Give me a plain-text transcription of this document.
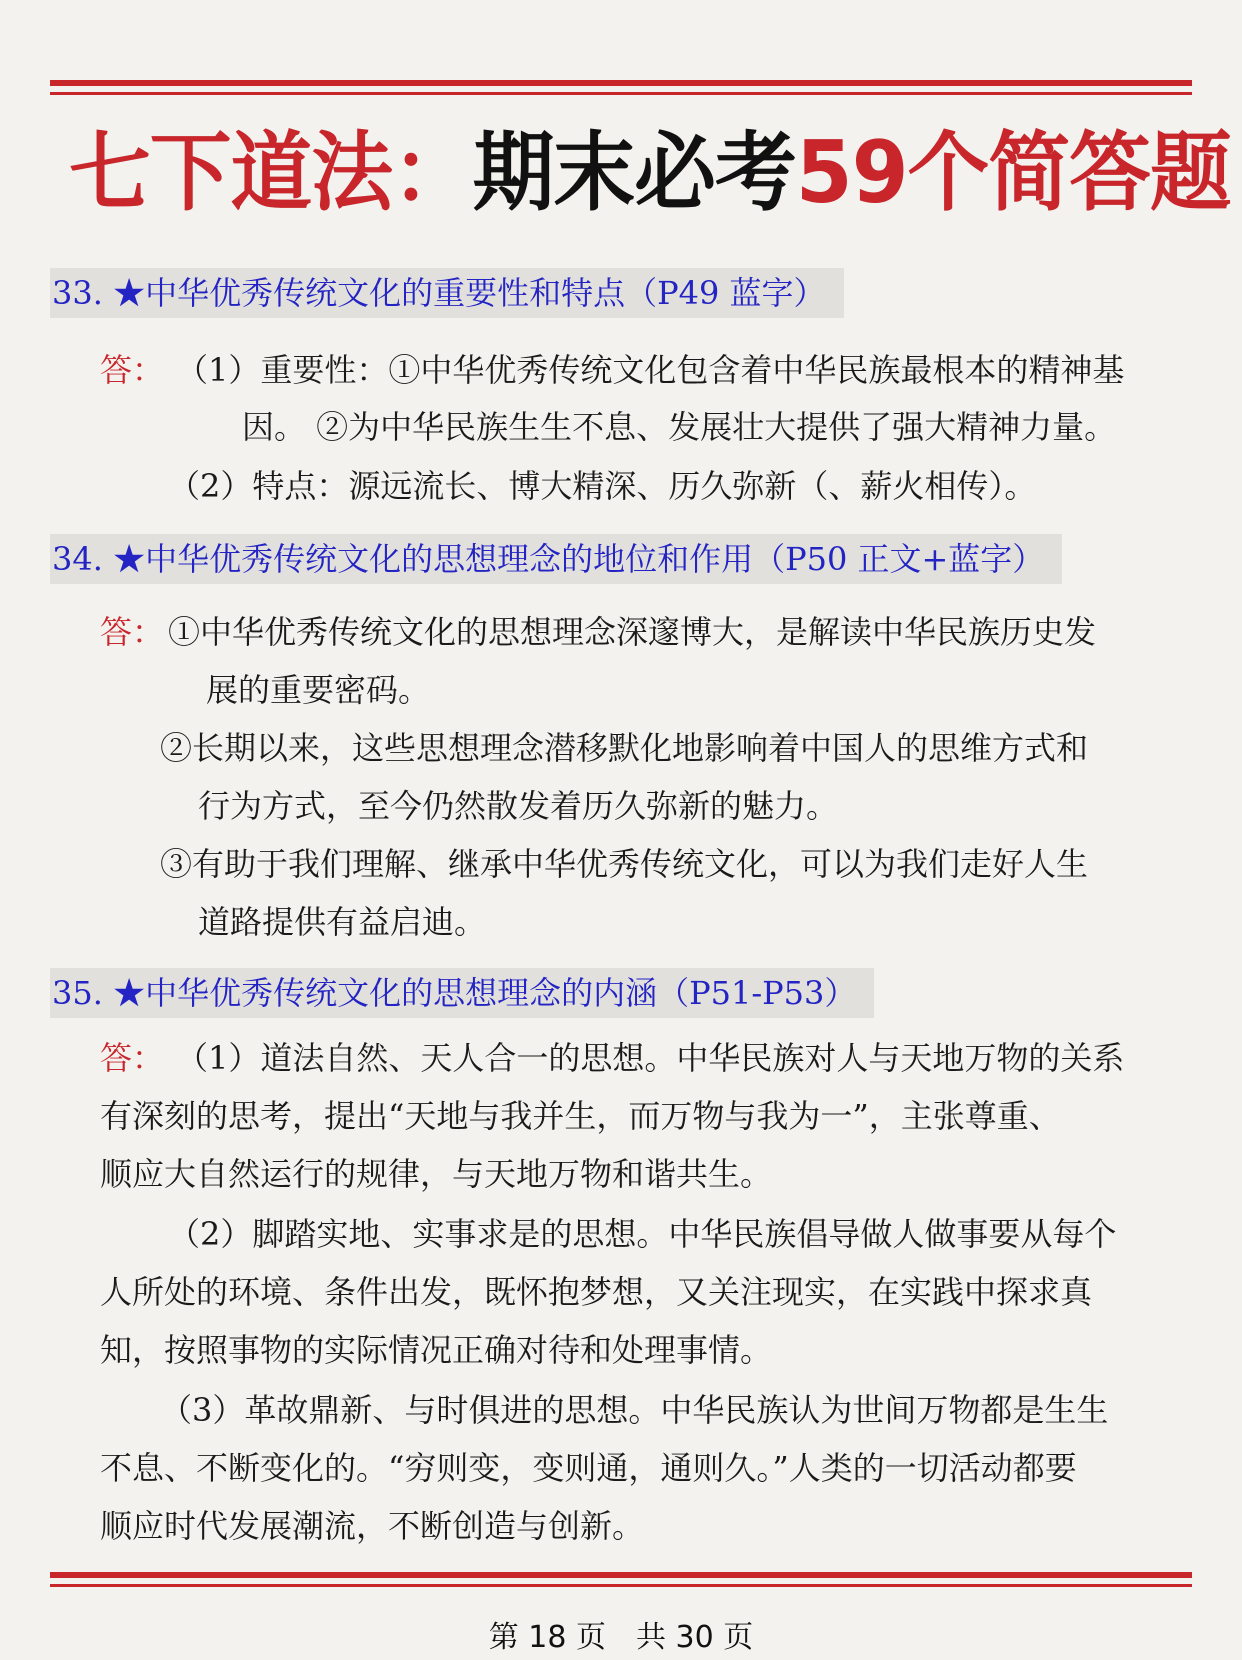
七下道法：期末必考59个简答题
33. ★中华优秀传统文化的重要性和特点（P49 蓝字）
答： （1）重要性：①中华优秀传统文化包含着中华民族最根本的精神基
因。 ②为中华民族生生不息、发展壮大提供了强大精神力量。
（2）特点：源远流长、博大精深、历久弥新（、薪火相传）。
34. ★中华优秀传统文化的思想理念的地位和作用（P50 正文+蓝字）
答： ①中华优秀传统文化的思想理念深邃博大，是解读中华民族历史发
展的重要密码。
②长期以来，这些思想理念潜移默化地影响着中国人的思维方式和
行为方式，至今仍然散发着历久弥新的魅力。
③有助于我们理解、继承中华优秀传统文化，可以为我们走好人生
道路提供有益启迪。
35. ★中华优秀传统文化的思想理念的内涵（P51-P53）
答： （1）道法自然、天人合一的思想。中华民族对人与天地万物的关系
有深刻的思考，提出“天地与我并生，而万物与我为一”，主张尊重、
顺应大自然运行的规律，与天地万物和谐共生。
（2）脚踏实地、实事求是的思想。中华民族倡导做人做事要从每个
人所处的环境、条件出发，既怀抱梦想，又关注现实，在实践中探求真
知，按照事物的实际情况正确对待和处理事情。
（3）革故鼎新、与时俱进的思想。中华民族认为世间万物都是生生
不息、不断变化的。“穷则变，变则通，通则久。”人类的一切活动都要
顺应时代发展潮流，不断创造与创新。
第 18 页　共 30 页
